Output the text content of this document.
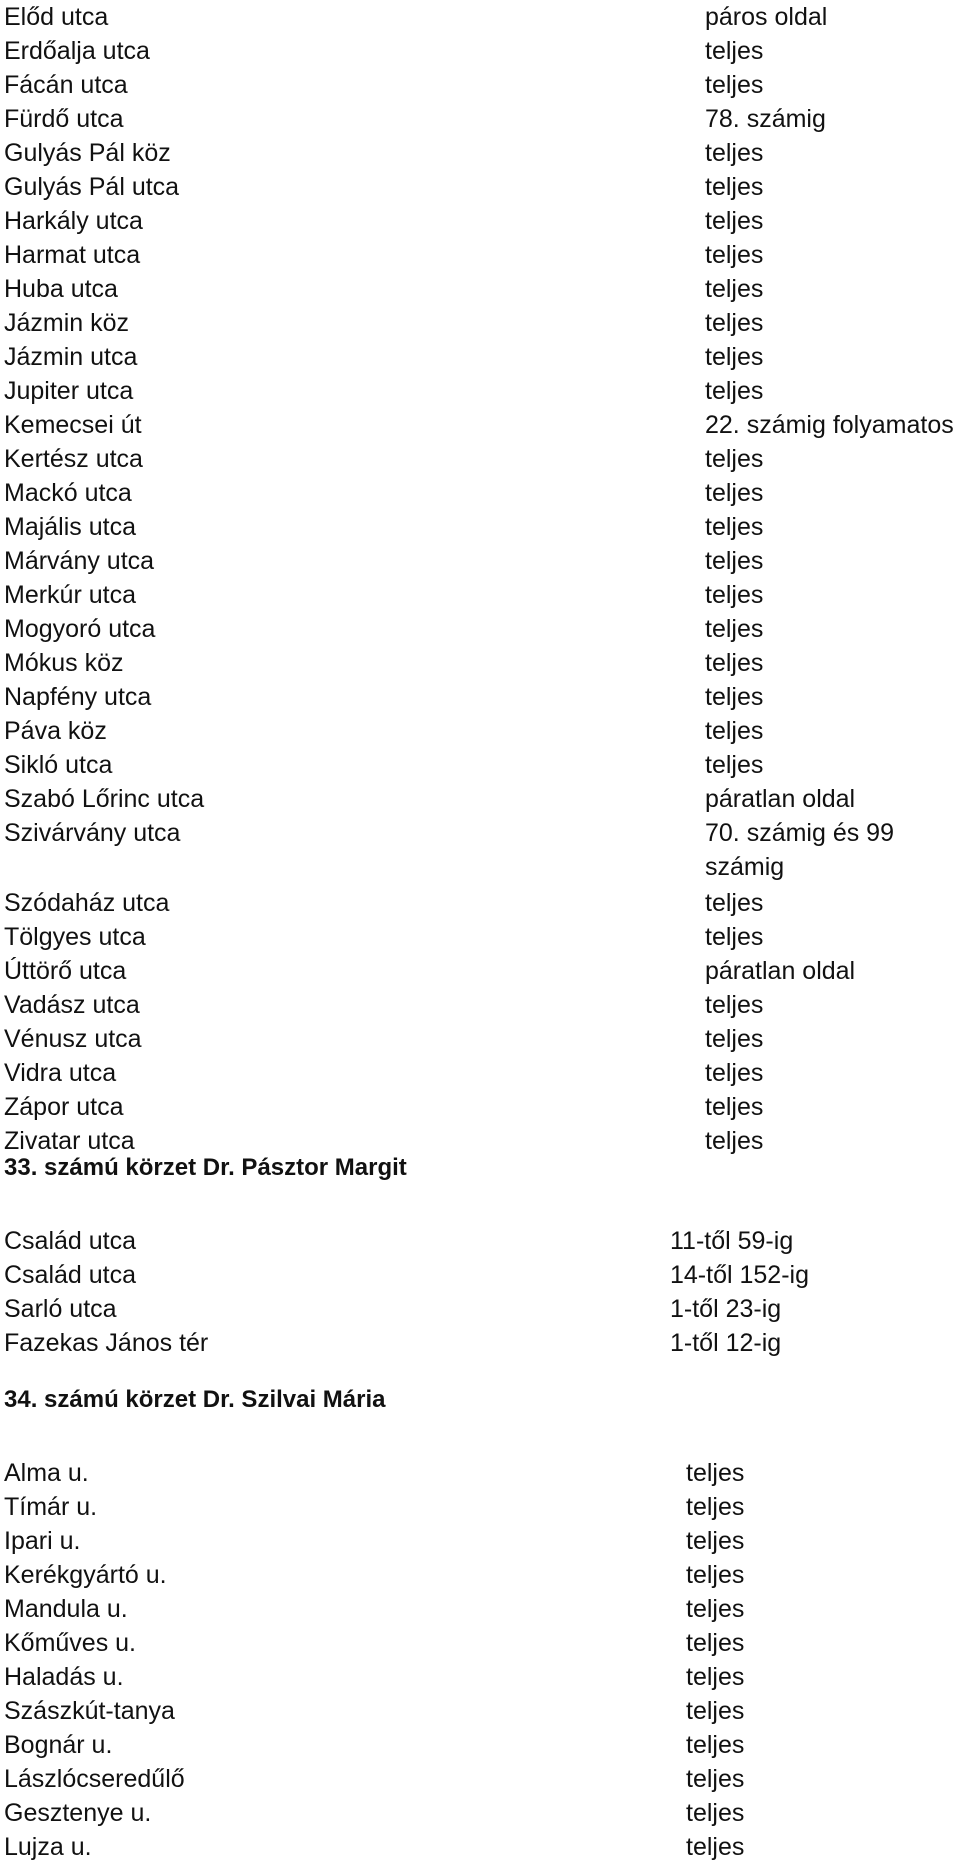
Előd utca	páros oldal
Erdőalja utca	teljes
Fácán utca	teljes
Fürdő utca	78. számig
Gulyás Pál köz	teljes
Gulyás Pál utca	teljes
Harkály utca	teljes
Harmat utca	teljes
Huba utca	teljes
Jázmin köz	teljes
Jázmin utca	teljes
Jupiter utca	teljes
Kemecsei út	22. számig folyamatos
Kertész utca	teljes
Mackó utca	teljes
Majális utca	teljes
Márvány utca	teljes
Merkúr utca	teljes
Mogyoró utca	teljes
Mókus köz	teljes
Napfény utca	teljes
Páva köz	teljes
Sikló utca	teljes
Szabó Lőrinc utca	páratlan oldal
Szivárvány utca	70. számig és 99 számig
Szódaház utca	teljes
Tölgyes utca	teljes
Úttörő utca	páratlan oldal
Vadász utca	teljes
Vénusz utca	teljes
Vidra utca	teljes
Zápor utca	teljes
Zivatar utca	teljes
33. számú körzet Dr. Pásztor Margit
Család utca	11-től 59-ig
Család utca	14-től 152-ig
Sarló utca	1-től 23-ig
Fazekas János tér	1-től 12-ig
34. számú körzet Dr. Szilvai Mária
Alma u.	teljes
Tímár u.	teljes
Ipari u.	teljes
Kerékgyártó u.	teljes
Mandula u.	teljes
Kőműves u.	teljes
Haladás u.	teljes
Szászkút-tanya	teljes
Bognár u.	teljes
Lászlócseredűlő	teljes
Gesztenye u.	teljes
Lujza u.	teljes
